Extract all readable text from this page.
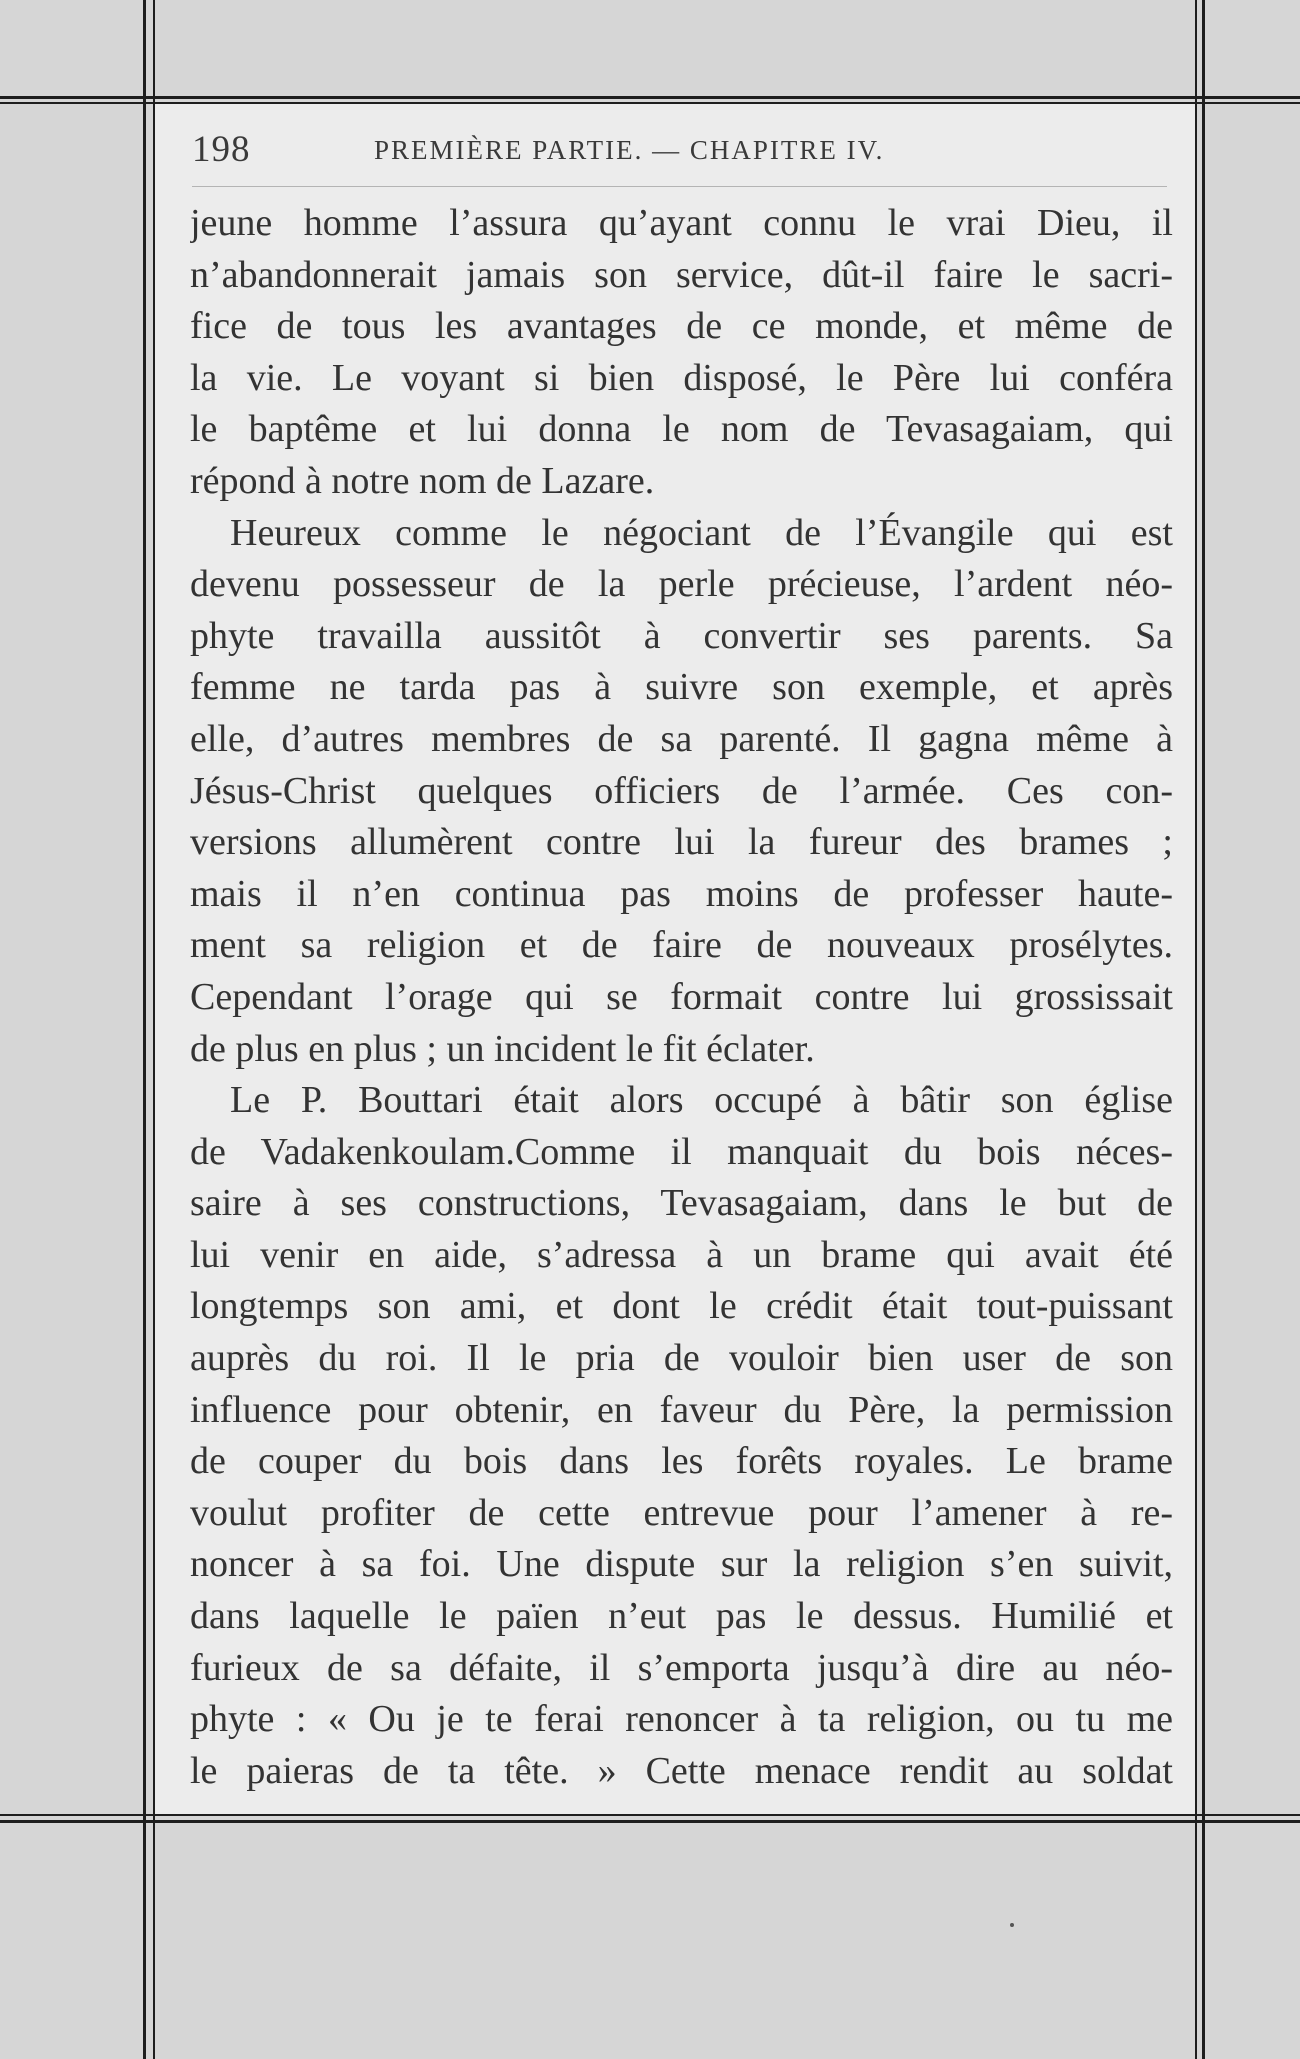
198	PREMIÈRE PARTIE. — CHAPITRE IV.
jeune homme l’assura qu’ayant connu le vrai Dieu, il
n’abandonnerait jamais son service, dût-il faire le sacri-
fice de tous les avantages de ce monde, et même de
la vie. Le voyant si bien disposé, le Père lui conféra
le baptême et lui donna le nom de Tevasagaiam, qui
répond à notre nom de Lazare.
Heureux comme le négociant de l’Évangile qui est
devenu possesseur de la perle précieuse, l’ardent néo-
phyte travailla aussitôt à convertir ses parents. Sa
femme ne tarda pas à suivre son exemple, et après
elle, d’autres membres de sa parenté. Il gagna même à
Jésus-Christ quelques officiers de l’armée. Ces con-
versions allumèrent contre lui la fureur des brames ;
mais il n’en continua pas moins de professer haute-
ment sa religion et de faire de nouveaux prosélytes.
Cependant l’orage qui se formait contre lui grossissait
de plus en plus ; un incident le fit éclater.
Le P. Bouttari était alors occupé à bâtir son église
de Vadakenkoulam.Comme il manquait du bois néces-
saire à ses constructions, Tevasagaiam, dans le but de
lui venir en aide, s’adressa à un brame qui avait été
longtemps son ami, et dont le crédit était tout-puissant
auprès du roi. Il le pria de vouloir bien user de son
influence pour obtenir, en faveur du Père, la permission
de couper du bois dans les forêts royales. Le brame
voulut profiter de cette entrevue pour l’amener à re-
noncer à sa foi. Une dispute sur la religion s’en suivit,
dans laquelle le païen n’eut pas le dessus. Humilié et
furieux de sa défaite, il s’emporta jusqu’à dire au néo-
phyte : « Ou je te ferai renoncer à ta religion, ou tu me
le paieras de ta tête. » Cette menace rendit au soldat
